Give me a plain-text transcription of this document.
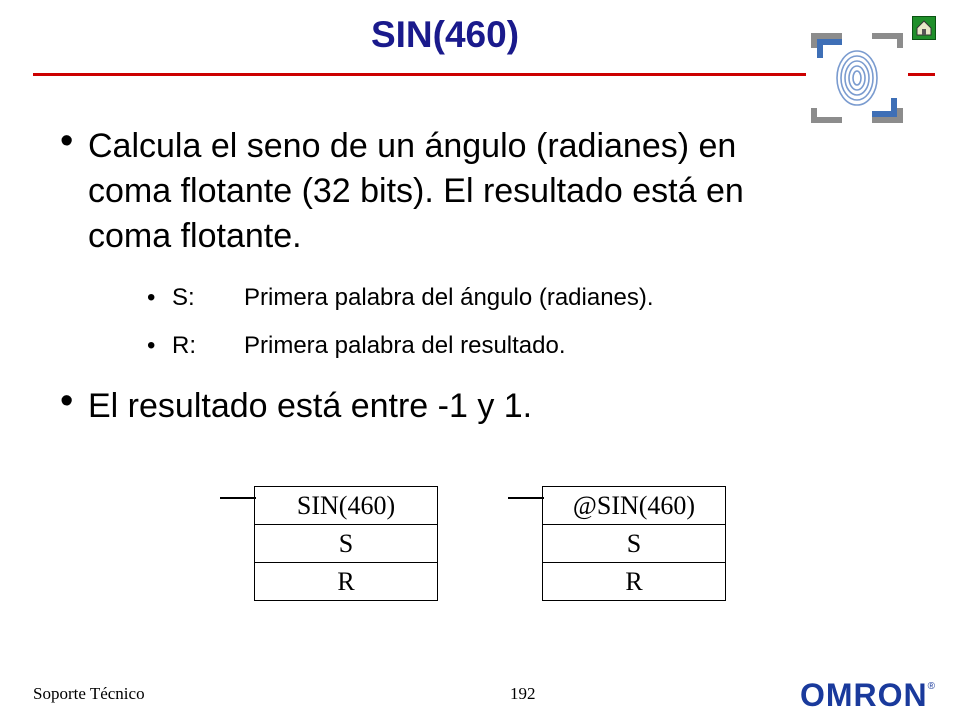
SIN(460)
• Calcula el seno de un ángulo (radianes) en
coma flotante (32 bits). El resultado está en
coma flotante.
• S: Primera palabra del ángulo (radianes).
• R: Primera palabra del resultado.
• El resultado está entre -1 y 1.
SIN(460)
S
R
@SIN(460)
S
R
Soporte Técnico	192	OMRON®
